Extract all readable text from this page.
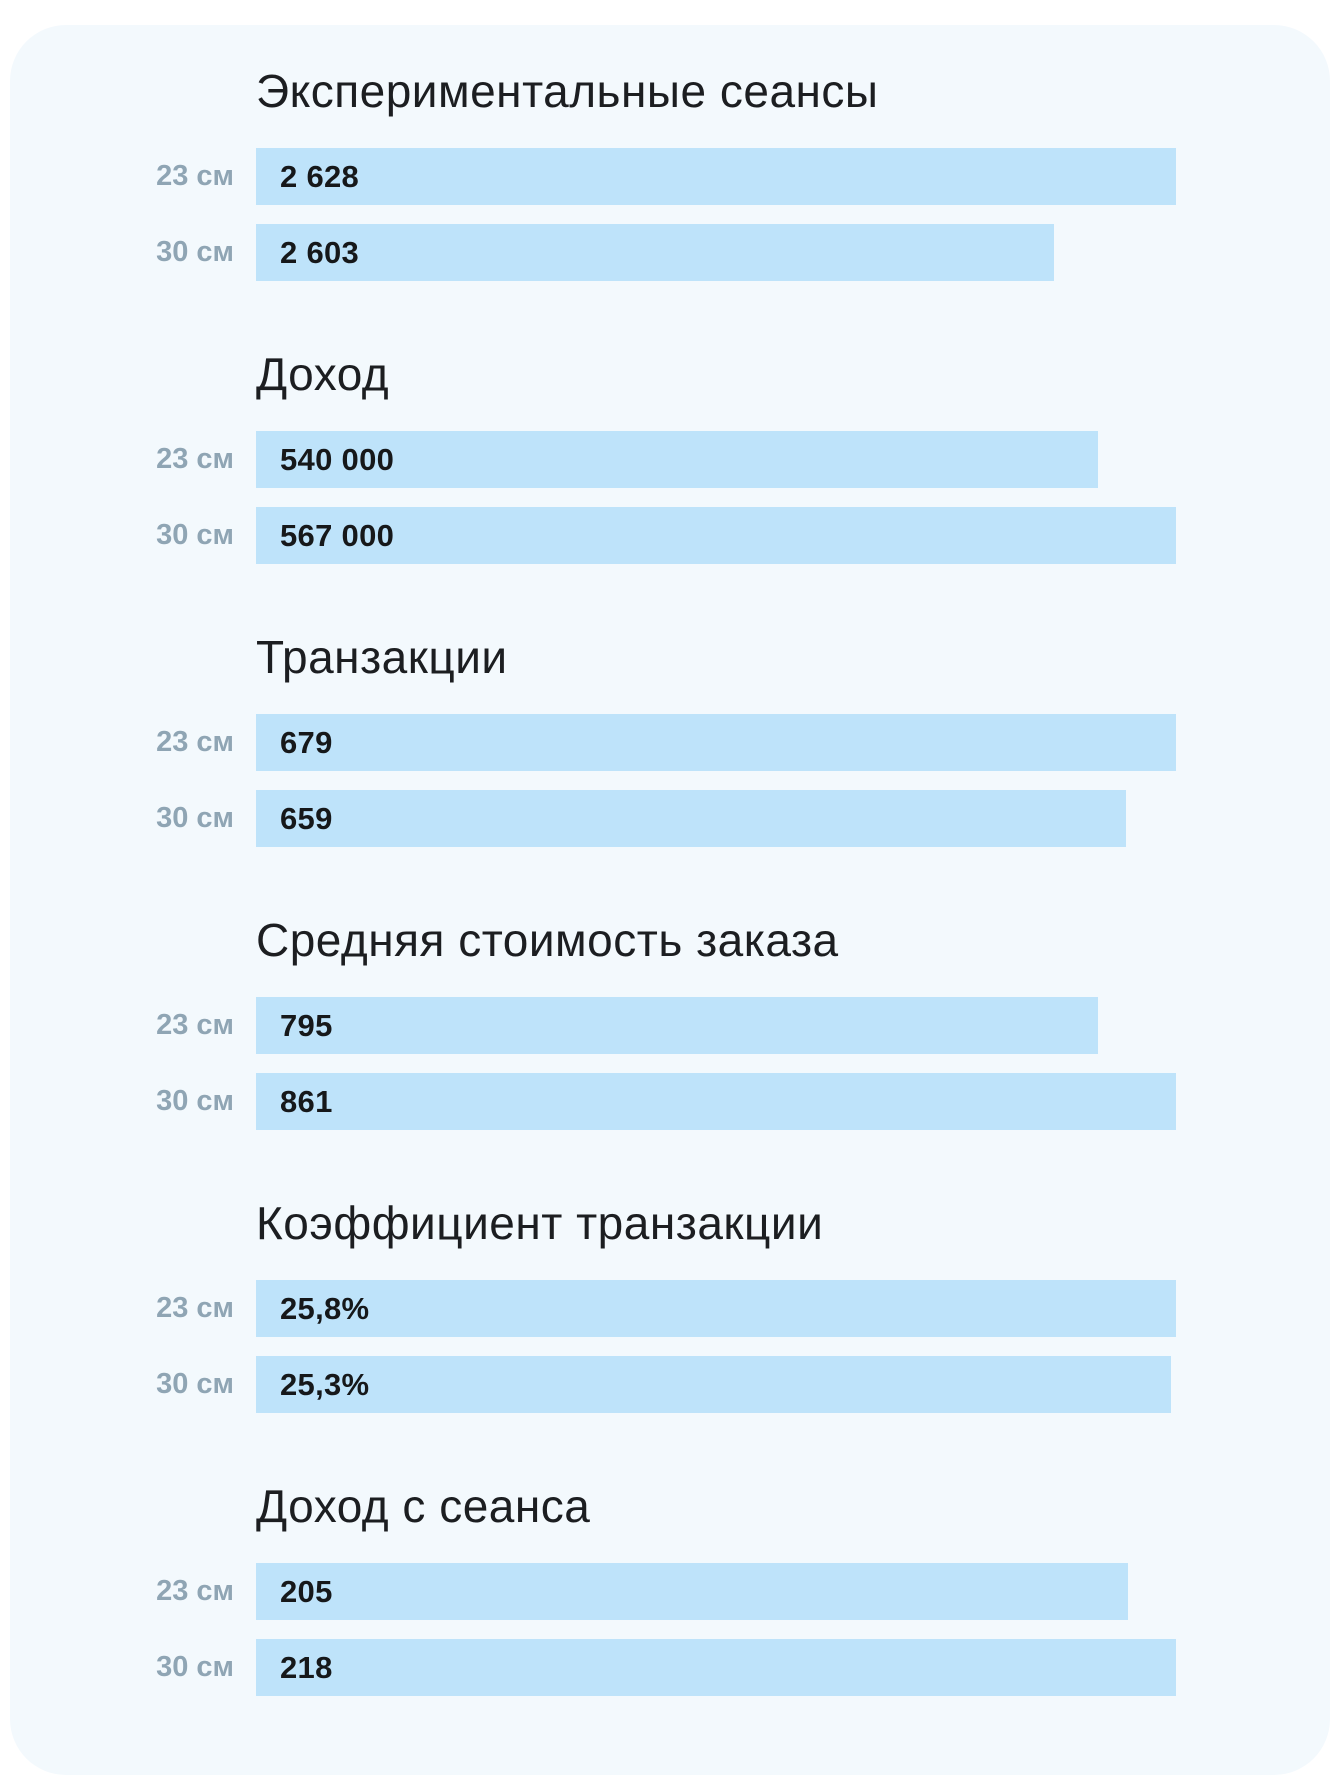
Экспериментальные сеансы
23 см	2 628
30 см	2 603
Доход
23 см	540 000
30 см	567 000
Транзакции
23 см	679
30 см	659
Средняя стоимость заказа
23 см	795
30 см	861
Коэффициент транзакции
23 см	25,8%
30 см	25,3%
Доход с сеанса
23 см	205
30 см	218
